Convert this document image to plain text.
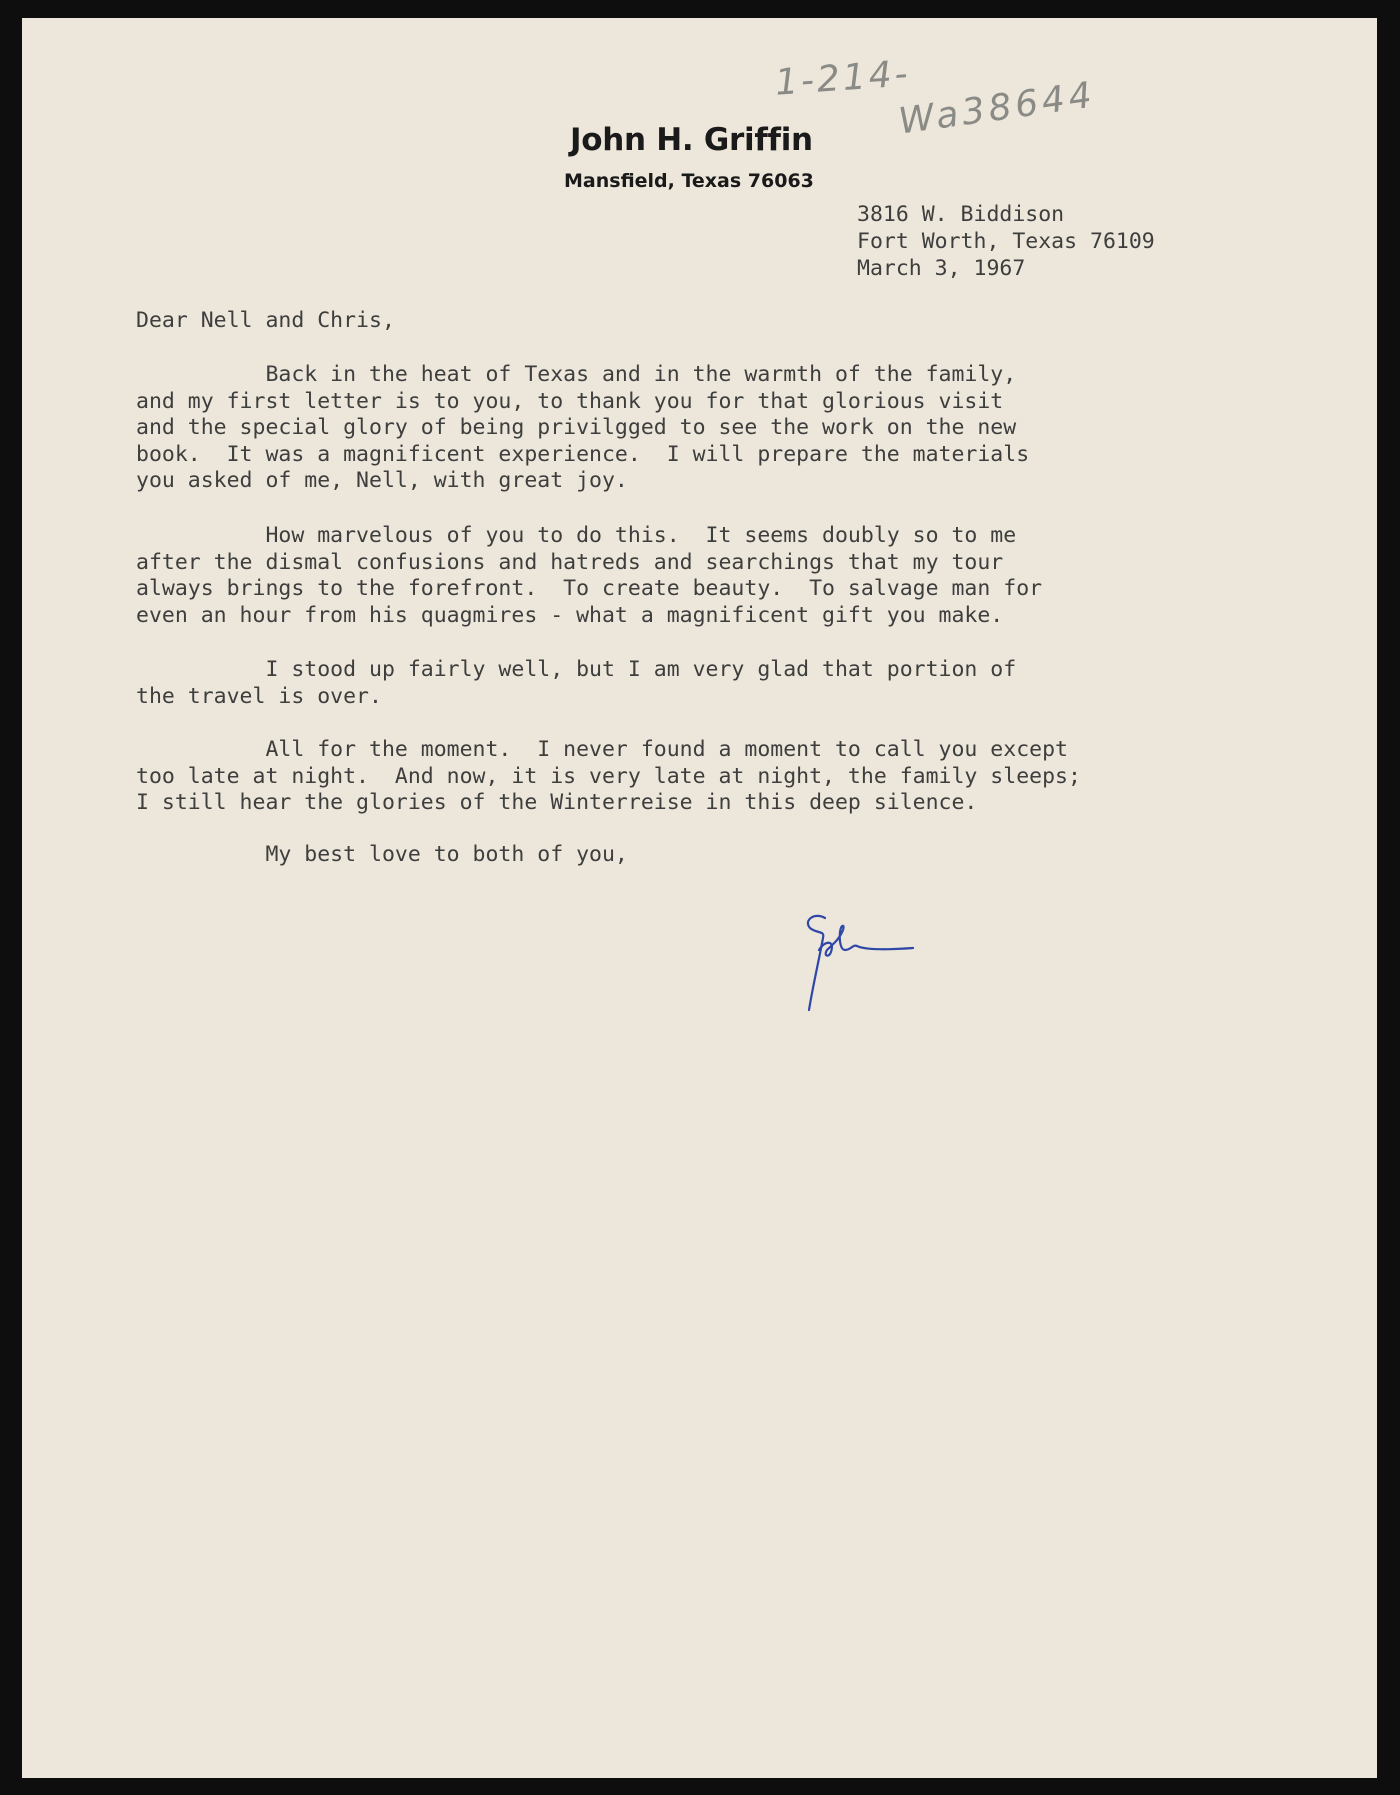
John H. Griffin
Mansfield, Texas 76063
1-214-
Wa38644
3816 W. Biddison
Fort Worth, Texas 76109
March 3, 1967
Dear Nell and Chris,
Back in the heat of Texas and in the warmth of the family,
and my first letter is to you, to thank you for that glorious visit
and the special glory of being privilgged to see the work on the new
book.  It was a magnificent experience.  I will prepare the materials
you asked of me, Nell, with great joy.
How marvelous of you to do this.  It seems doubly so to me
after the dismal confusions and hatreds and searchings that my tour
always brings to the forefront.  To create beauty.  To salvage man for
even an hour from his quagmires - what a magnificent gift you make.
I stood up fairly well, but I am very glad that portion of
the travel is over.
All for the moment.  I never found a moment to call you except
too late at night.  And now, it is very late at night, the family sleeps;
I still hear the glories of the Winterreise in this deep silence.
My best love to both of you,
